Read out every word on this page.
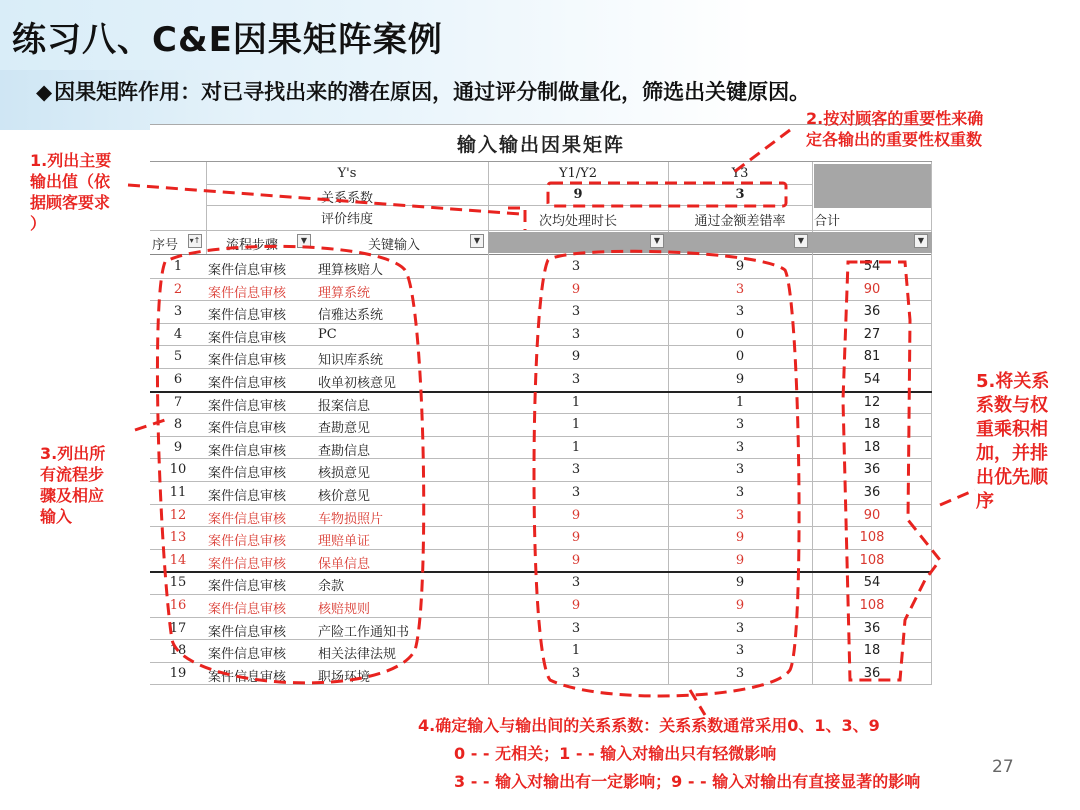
练习八、C&E因果矩阵案例
◆因果矩阵作用：对已寻找出来的潜在原因，通过评分制做量化，筛选出关键原因。
输入输出因果矩阵
Y's
关系系数
评价纬度
Y1/Y2	Y3
9	3
次均处理时长	通过金额差错率	合计
序号	▾↑ 流程步骤	▼	关键输入	▼	▼	▼	▼
1	案件信息审核 理算核赔人	3	9	54
2	案件信息审核 理算系统	9	3	90
3	案件信息审核 信雅达系统	3	3	36
4	案件信息审核 PC	3	0	27
5	案件信息审核 知识库系统	9	0	81
6	案件信息审核 收单初核意见	3	9	54
7	案件信息审核 报案信息	1	1	12
8	案件信息审核 查勘意见	1	3	18
9	案件信息审核 查勘信息	1	3	18
10	案件信息审核 核损意见	3	3	36
11	案件信息审核 核价意见	3	3	36
12	案件信息审核 车物损照片	9	3	90
13	案件信息审核 理赔单证	9	9	108
14	案件信息审核 保单信息	9	9	108
15	案件信息审核 余款	3	9	54
16	案件信息审核 核赔规则	9	9	108
17	案件信息审核 产险工作通知书	3	3	36
18	案件信息审核 相关法律法规	1	3	18
19	案件信息审核 职场环境	3	3	36
1.列出主要
输出值（依
据顾客要求
）
2.按对顾客的重要性来确
定各输出的重要性权重数
3.列出所
有流程步
骤及相应
输入
4.确定输入与输出间的关系系数：关系系数通常采用0、1、3、9
0 - - 无相关；1 - - 输入对输出只有轻微影响
3 - - 输入对输出有一定影响；9 - - 输入对输出有直接显著的影响
5.将关系
系数与权
重乘积相
加，并排
出优先顺
序
27
